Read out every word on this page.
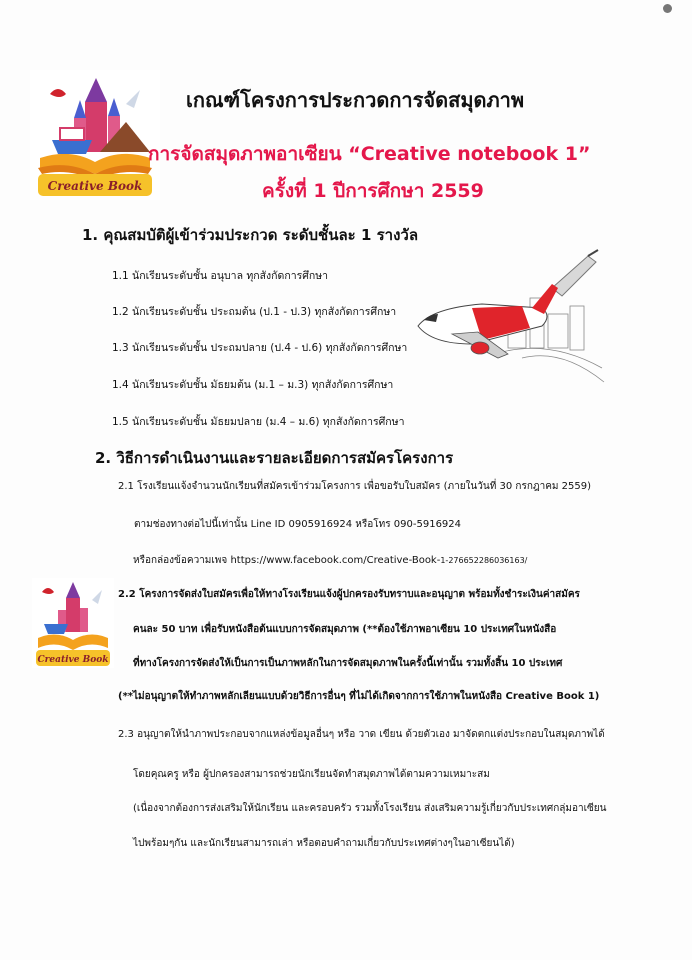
Creative Book
เกณฑ์โครงการประกวดการจัดสมุดภาพ
การจัดสมุดภาพอาเซียน “Creative notebook 1”
ครั้งที่ 1 ปีการศึกษา 2559
1. คุณสมบัติผู้เข้าร่วมประกวด ระดับชั้นละ 1 รางวัล
1.1 นักเรียนระดับชั้น อนุบาล ทุกสังกัดการศึกษา
1.2 นักเรียนระดับชั้น ประถมต้น (ป.1 - ป.3) ทุกสังกัดการศึกษา
1.3 นักเรียนระดับชั้น ประถมปลาย (ป.4 - ป.6) ทุกสังกัดการศึกษา
1.4 นักเรียนระดับชั้น มัธยมต้น (ม.1 – ม.3) ทุกสังกัดการศึกษา
1.5 นักเรียนระดับชั้น มัธยมปลาย (ม.4 – ม.6) ทุกสังกัดการศึกษา
2. วิธีการดำเนินงานและรายละเอียดการสมัครโครงการ
2.1 โรงเรียนแจ้งจำนวนนักเรียนที่สมัครเข้าร่วมโครงการ เพื่อขอรับใบสมัคร (ภายในวันที่ 30 กรกฎาคม 2559)
ตามช่องทางต่อไปนี้เท่านั้น Line ID 0905916924 หรือโทร 090-5916924
หรือกล่องข้อความเพจ https://www.facebook.com/Creative-Book-1-276652286036163/
Creative Book
2.2 โครงการจัดส่งใบสมัครเพื่อให้ทางโรงเรียนแจ้งผู้ปกครองรับทราบและอนุญาต พร้อมทั้งชำระเงินค่าสมัคร
คนละ 50 บาท เพื่อรับหนังสือต้นแบบการจัดสมุดภาพ (**ต้องใช้ภาพอาเซียน 10 ประเทศในหนังสือ
ที่ทางโครงการจัดส่งให้เป็นการเป็นภาพหลักในการจัดสมุดภาพในครั้งนี้เท่านั้น รวมทั้งสิ้น 10 ประเทศ
(**ไม่อนุญาตให้ทำภาพหลักเลียนแบบด้วยวิธีการอื่นๆ ที่ไม่ได้เกิดจากการใช้ภาพในหนังสือ Creative Book 1)
2.3 อนุญาตให้นำภาพประกอบจากแหล่งข้อมูลอื่นๆ หรือ วาด เขียน ด้วยตัวเอง มาจัดตกแต่งประกอบในสมุดภาพได้
โดยคุณครู หรือ ผู้ปกครองสามารถช่วยนักเรียนจัดทำสมุดภาพได้ตามความเหมาะสม
(เนื่องจากต้องการส่งเสริมให้นักเรียน และครอบครัว รวมทั้งโรงเรียน ส่งเสริมความรู้เกี่ยวกับประเทศกลุ่มอาเซียน
ไปพร้อมๆกัน และนักเรียนสามารถเล่า หรือตอบคำถามเกี่ยวกับประเทศต่างๆในอาเซียนได้)
